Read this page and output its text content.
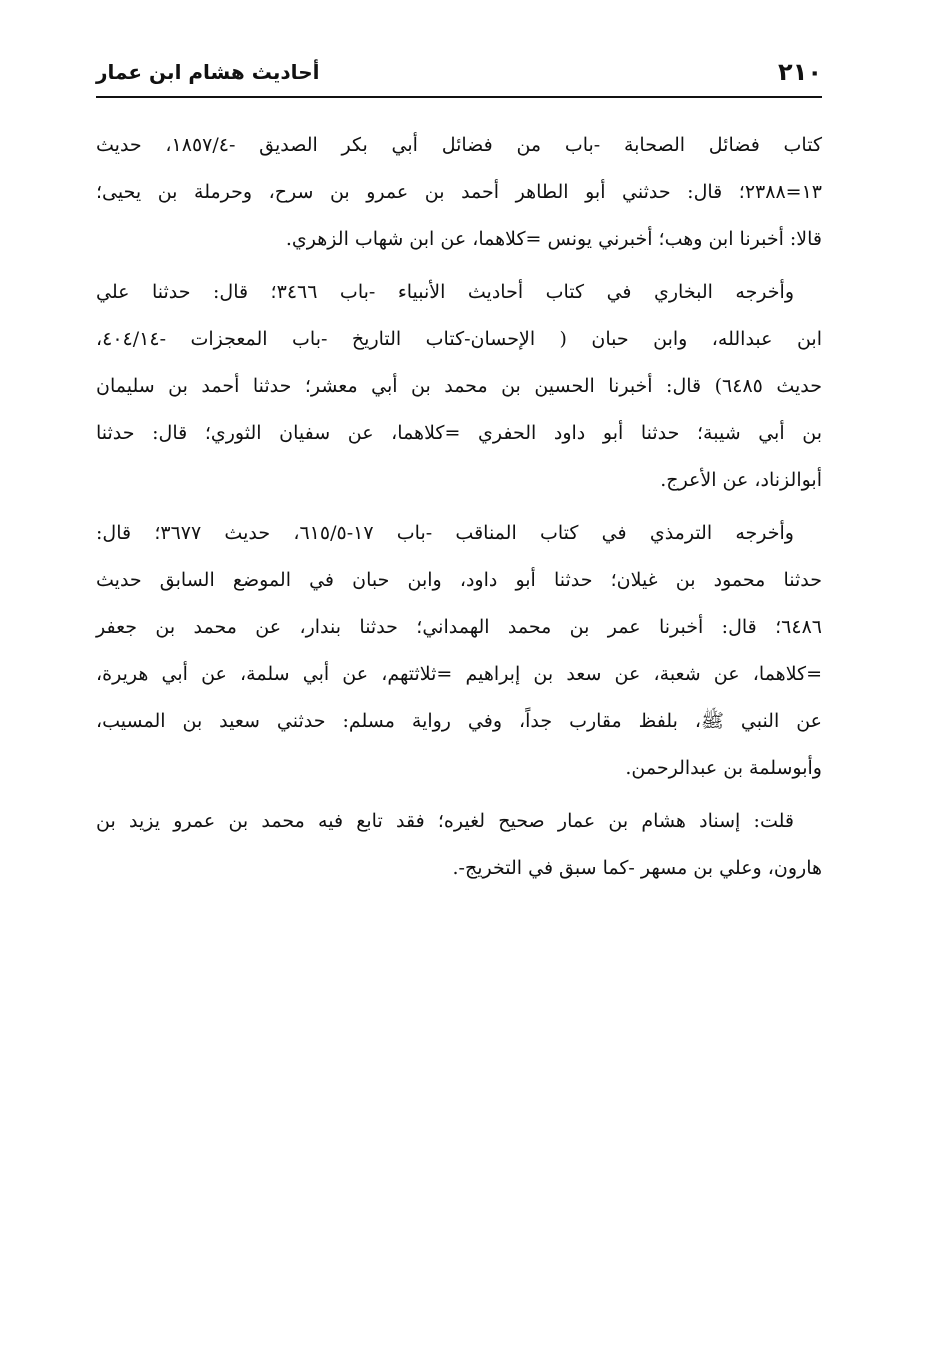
٢١٠
أحاديث هشام ابن عمار

كتاب فضائل الصحابة -باب من فضائل أبي بكر الصديق -١٨٥٧/٤، حديث
١٣=٢٣٨٨؛ قال: حدثني أبو الطاهر أحمد بن عمرو بن سرح، وحرملة بن يحيى؛
قالا: أخبرنا ابن وهب؛ أخبرني يونس =كلاهما، عن ابن شهاب الزهري.

وأخرجه البخاري في كتاب أحاديث الأنبياء -باب ٣٤٦٦؛ قال: حدثنا علي
ابن عبدالله، وابن حبان ( الإحسان-كتاب التاريخ -باب المعجزات -٤٠٤/١٤،
حديث ٦٤٨٥) قال: أخبرنا الحسين بن محمد بن أبي معشر؛ حدثنا أحمد بن سليمان
بن أبي شيبة؛ حدثنا أبو داود الحفري =كلاهما، عن سفيان الثوري؛ قال: حدثنا
أبوالزناد، عن الأعرج.

وأخرجه الترمذي في كتاب المناقب -باب ١٧-٦١٥/٥، حديث ٣٦٧٧؛ قال:
حدثنا محمود بن غيلان؛ حدثنا أبو داود، وابن حبان في الموضع السابق حديث
٦٤٨٦؛ قال: أخبرنا عمر بن محمد الهمداني؛ حدثنا بندار، عن محمد بن جعفر
=كلاهما، عن شعبة، عن سعد بن إبراهيم =ثلاثتهم، عن أبي سلمة، عن أبي هريرة،
عن النبي ﷺ، بلفظ مقارب جداً، وفي رواية مسلم: حدثني سعيد بن المسيب،
وأبوسلمة بن عبدالرحمن.

قلت: إسناد هشام بن عمار صحيح لغيره؛ فقد تابع فيه محمد بن عمرو يزيد بن
هارون، وعلي بن مسهر -كما سبق في التخريج-.
